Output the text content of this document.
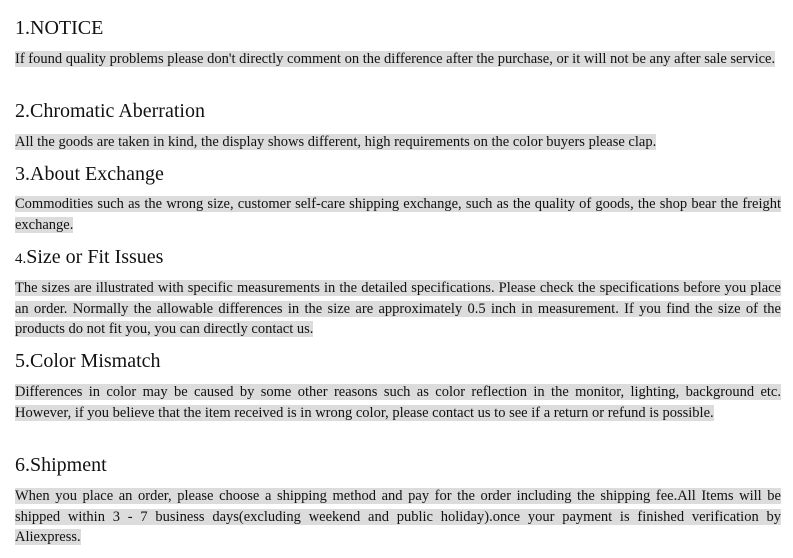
1.NOTICE
If found quality problems please don't directly comment on the difference after the purchase, or it will not be any after sale service.
2.Chromatic Aberration
All the goods are taken in kind, the display shows different, high requirements on the color buyers please clap.
3.About Exchange
Commodities such as the wrong size, customer self-care shipping exchange, such as the quality of goods, the shop bear the freight exchange.
4.Size or Fit Issues
The sizes are illustrated with specific measurements in the detailed specifications. Please check the specifications before you place an order. Normally the allowable differences in the size are approximately 0.5 inch in measurement. If you find the size of the products do not fit you, you can directly contact us.
5.Color Mismatch
Differences in color may be caused by some other reasons such as color reflection in the monitor, lighting, background etc. However, if you believe that the item received is in wrong color, please contact us to see if a return or refund is possible.
6.Shipment
When you place an order, please choose a shipping method and pay for the order including the shipping fee.All Items will be shipped within 3 - 7 business days(excluding weekend and public holiday).once your payment is finished verification by Aliexpress.
